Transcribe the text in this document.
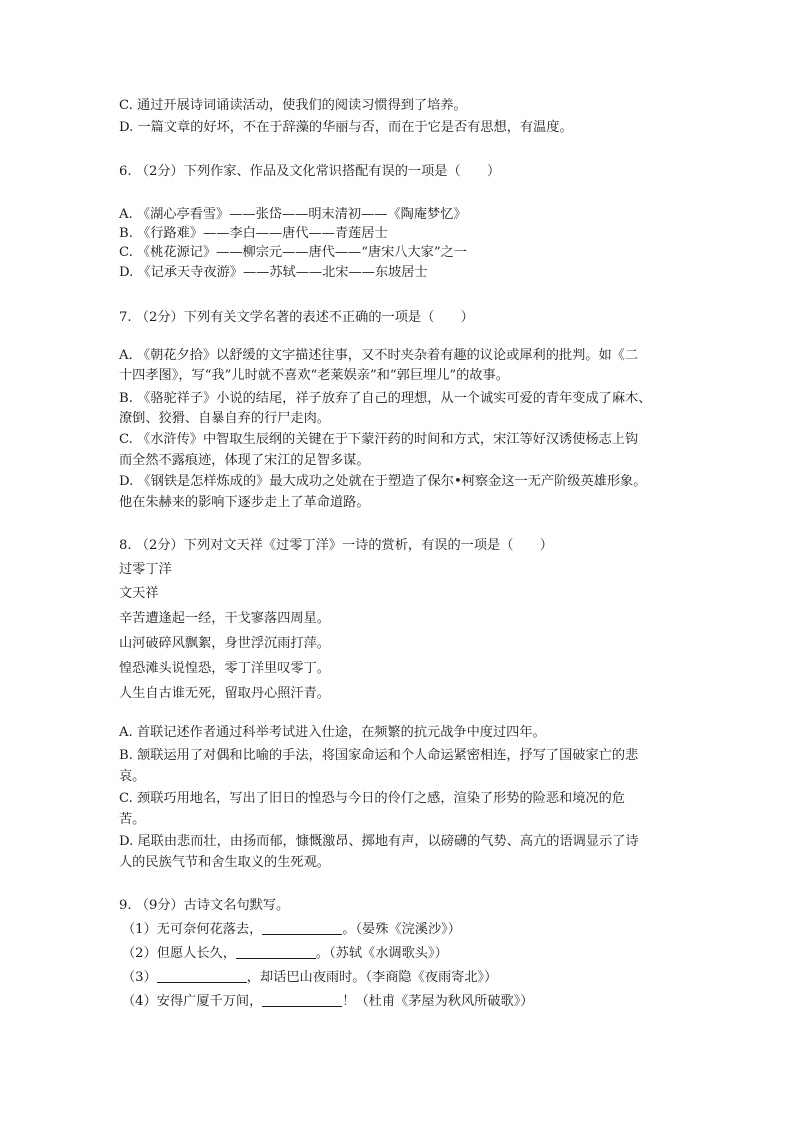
C. 通过开展诗词诵读活动，使我们的阅读习惯得到了培养。
D. 一篇文章的好坏，不在于辞藻的华丽与否，而在于它是否有思想，有温度。
6. （2分）下列作家、作品及文化常识搭配有误的一项是（　　）
A. 《湖心亭看雪》——张岱——明末清初——《陶庵梦忆》
B. 《行路难》——李白——唐代——青莲居士
C. 《桃花源记》——柳宗元——唐代——“唐宋八大家”之一
D. 《记承天寺夜游》——苏轼——北宋——东坡居士
7. （2分）下列有关文学名著的表述不正确的一项是（　　）
A. 《朝花夕拾》以舒缓的文字描述往事，又不时夹杂着有趣的议论或犀利的批判。如《二
十四孝图》，写“我”儿时就不喜欢“老莱娱亲”和“郭巨埋儿”的故事。
B. 《骆驼祥子》小说的结尾，祥子放弃了自己的理想，从一个诚实可爱的青年变成了麻木、
潦倒、狡猾、自暴自弃的行尸走肉。
C. 《水浒传》中智取生辰纲的关键在于下蒙汗药的时间和方式，宋江等好汉诱使杨志上钩
而全然不露痕迹，体现了宋江的足智多谋。
D. 《钢铁是怎样炼成的》最大成功之处就在于塑造了保尔•柯察金这一无产阶级英雄形象。
他在朱赫来的影响下逐步走上了革命道路。
8. （2分）下列对文天祥《过零丁洋》一诗的赏析，有误的一项是（　　）
过零丁洋
文天祥
辛苦遭逢起一经，干戈寥落四周星。
山河破碎风飘絮，身世浮沉雨打萍。
惶恐滩头说惶恐，零丁洋里叹零丁。
人生自古谁无死，留取丹心照汗青。
A. 首联记述作者通过科举考试进入仕途，在频繁的抗元战争中度过四年。
B. 颔联运用了对偶和比喻的手法，将国家命运和个人命运紧密相连，抒写了国破家亡的悲
哀。
C. 颈联巧用地名，写出了旧日的惶恐与今日的伶仃之感，渲染了形势的险恶和境况的危
苦。
D. 尾联由悲而壮，由扬而郁，慷慨激昂、掷地有声，以磅礴的气势、高亢的语调显示了诗
人的民族气节和舍生取义的生死观。
9. （9分）古诗文名句默写。
（1）无可奈何花落去，	。（晏殊《浣溪沙》）
（2）但愿人长久，	。（苏轼《水调歌头》）
（3）	，却话巴山夜雨时。（李商隐《夜雨寄北》）
（4）安得广厦千万间，	！（杜甫《茅屋为秋风所破歌》）
